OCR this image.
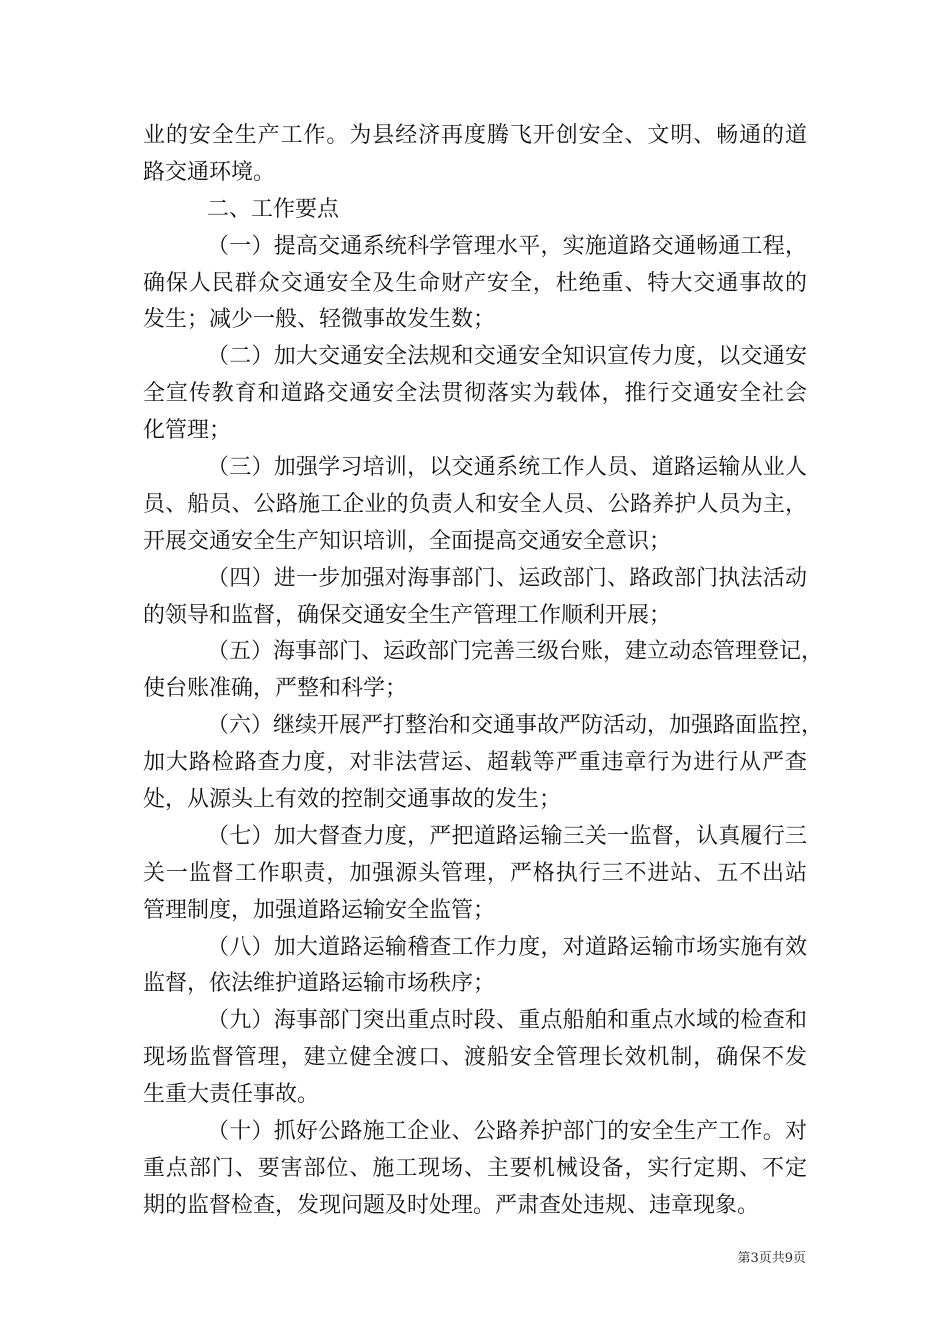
业的安全生产工作。为县经济再度腾飞开创安全、文明、畅通的道
路交通环境。
二、工作要点
（一）提高交通系统科学管理水平，实施道路交通畅通工程，
确保人民群众交通安全及生命财产安全，杜绝重、特大交通事故的
发生；减少一般、轻微事故发生数；
（二）加大交通安全法规和交通安全知识宣传力度，以交通安
全宣传教育和道路交通安全法贯彻落实为载体，推行交通安全社会
化管理；
（三）加强学习培训，以交通系统工作人员、道路运输从业人
员、船员、公路施工企业的负责人和安全人员、公路养护人员为主，
开展交通安全生产知识培训，全面提高交通安全意识；
（四）进一步加强对海事部门、运政部门、路政部门执法活动
的领导和监督，确保交通安全生产管理工作顺利开展；
（五）海事部门、运政部门完善三级台账，建立动态管理登记，
使台账准确，严整和科学；
（六）继续开展严打整治和交通事故严防活动，加强路面监控，
加大路检路查力度，对非法营运、超载等严重违章行为进行从严查
处，从源头上有效的控制交通事故的发生；
（七）加大督查力度，严把道路运输三关一监督，认真履行三
关一监督工作职责，加强源头管理，严格执行三不进站、五不出站
管理制度，加强道路运输安全监管；
（八）加大道路运输稽查工作力度，对道路运输市场实施有效
监督，依法维护道路运输市场秩序；
（九）海事部门突出重点时段、重点船舶和重点水域的检查和
现场监督管理，建立健全渡口、渡船安全管理长效机制，确保不发
生重大责任事故。
（十）抓好公路施工企业、公路养护部门的安全生产工作。对
重点部门、要害部位、施工现场、主要机械设备，实行定期、不定
期的监督检查，发现问题及时处理。严肃查处违规、违章现象。
第3页共9页
